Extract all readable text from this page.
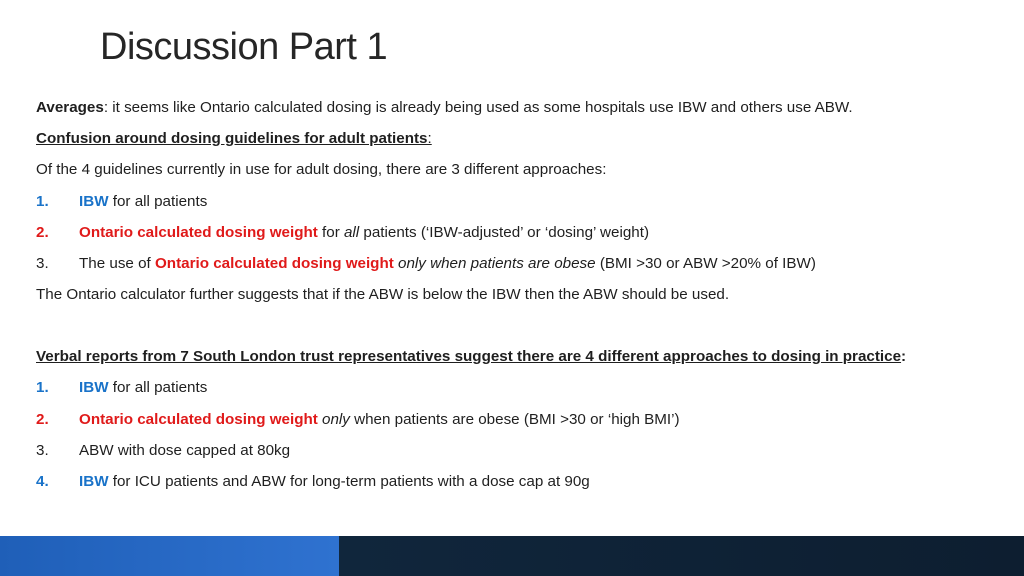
Discussion Part 1

Averages: it seems like Ontario calculated dosing is already being used as some hospitals use IBW and others use ABW.

Confusion around dosing guidelines for adult patients:

Of the 4 guidelines currently in use for adult dosing, there are 3 different approaches:

1. IBW for all patients

2. Ontario calculated dosing weight for all patients (‘IBW-adjusted’ or ‘dosing’ weight)

3. The use of Ontario calculated dosing weight only when patients are obese (BMI >30 or ABW >20% of IBW)

The Ontario calculator further suggests that if the ABW is below the IBW then the ABW should be used.

Verbal reports from 7 South London trust representatives suggest there are 4 different approaches to dosing in practice:

1. IBW for all patients

2. Ontario calculated dosing weight only when patients are obese (BMI >30 or ‘high BMI’)

3. ABW with dose capped at 80kg

4. IBW for ICU patients and ABW for long-term patients with a dose cap at 90g
